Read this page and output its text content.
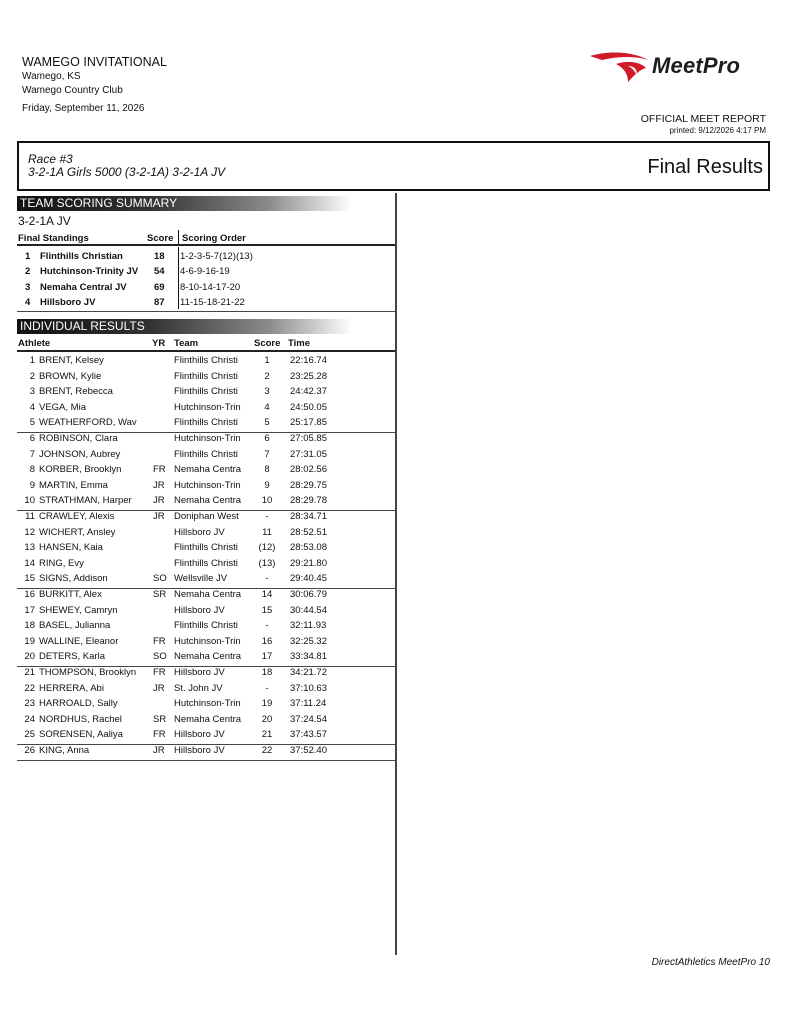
WAMEGO INVITATIONAL
Wamego, KS
Wamego Country Club
Friday, September 11, 2026
MeetPro
OFFICIAL MEET REPORT
printed: 9/12/2026 4:17 PM
Race #3
3-2-1A Girls 5000 (3-2-1A) 3-2-1A JV	Final Results
TEAM SCORING SUMMARY
3-2-1A JV
Final Standings	Score Scoring Order
1 Flinthills Christian	18 1-2-3-5-7(12)(13)
2 Hutchinson-Trinity JV 54 4-6-9-16-19
3 Nemaha Central JV	69 8-10-14-17-20
4 Hillsboro JV	87 11-15-18-21-22
INDIVIDUAL RESULTS
Athlete	YR Team	Score Time
1 BRENT, Kelsey	Flinthills Christi	1	22:16.74
2 BROWN, Kylie	Flinthills Christi	2	23:25.28
3 BRENT, Rebecca	Flinthills Christi	3	24:42.37
4 VEGA, Mia	Hutchinson-Trin	4	24:50.05
5 WEATHERFORD, Wav	Flinthills Christi	5	25:17.85
6 ROBINSON, Clara	Hutchinson-Trin	6	27:05.85
7 JOHNSON, Aubrey	Flinthills Christi	7	27:31.05
8 KORBER, Brooklyn	FR Nemaha Centra	8	28:02.56
9 MARTIN, Emma	JR Hutchinson-Trin	9	28:29.75
10 STRATHMAN, Harper JR Nemaha Centra	10	28:29.78
11 CRAWLEY, Alexis	JR Doniphan West	-	28:34.71
12 WICHERT, Ansley	Hillsboro JV	11	28:52.51
13 HANSEN, Kaia	Flinthills Christi	(12)	28:53.08
14 RING, Evy	Flinthills Christi	(13)	29:21.80
15 SIGNS, Addison	SO Wellsville JV	-	29:40.45
16 BURKITT, Alex	SR Nemaha Centra	14	30:06.79
17 SHEWEY, Camryn	Hillsboro JV	15	30:44.54
18 BASEL, Julianna	Flinthills Christi	-	32:11.93
19 WALLINE, Eleanor	FR Hutchinson-Trin	16	32:25.32
20 DETERS, Karla	SO Nemaha Centra	17	33:34.81
21 THOMPSON, Brooklyn FR Hillsboro JV	18	34:21.72
22 HERRERA, Abi	JR St. John JV	-	37:10.63
23 HARROALD, Sally	Hutchinson-Trin	19	37:11.24
24 NORDHUS, Rachel	SR Nemaha Centra	20	37:24.54
25 SORENSEN, Aaliya	FR Hillsboro JV	21	37:43.57
26 KING, Anna	JR Hillsboro JV	22	37:52.40
DirectAthletics MeetPro 10
